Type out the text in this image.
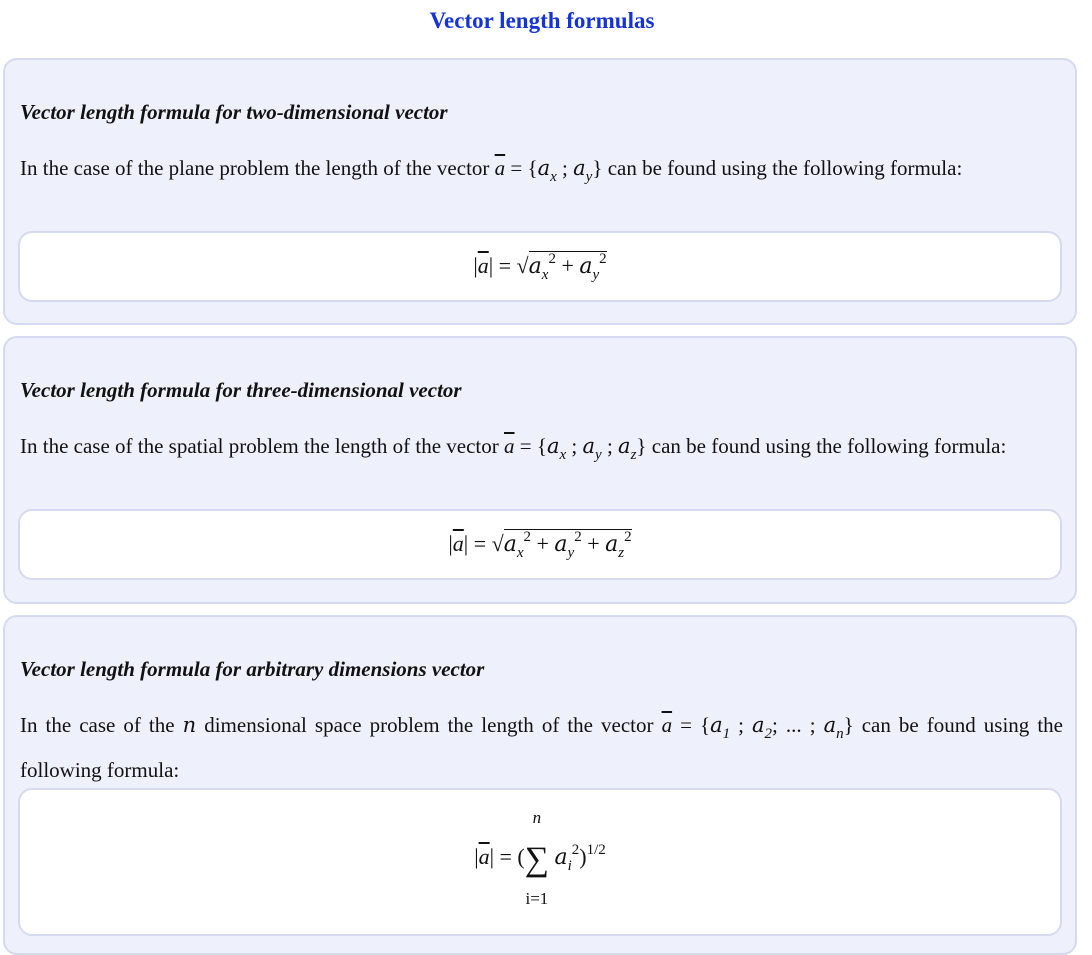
Vector length formulas
Vector length formula for two-dimensional vector

In the case of the plane problem the length of the vector $\overline{a} = \{a_x$ ; $a_y$} can be found using the following formula:

$|\overline{a}| = √a_x^2 + a_y^2$
Vector length formula for three-dimensional vector

In the case of the spatial problem the length of the vector $\overline{a} = \{a_x$ ; $a_y$ ; $a_z$} can be found using the following formula:

$|\overline{a}| = √a_x^2 + a_y^2 + a_z^2$
Vector length formula for arbitrary dimensions vector

In the case of the n dimensional space problem the length of the vector $\overline{a} = \{a_1$ ; $a_2$; ... ; $a_n$} can be found using the following formula:

$|\overline{a}|$ = (∑
n
i=1
$a_i^2)^{1/2}$
